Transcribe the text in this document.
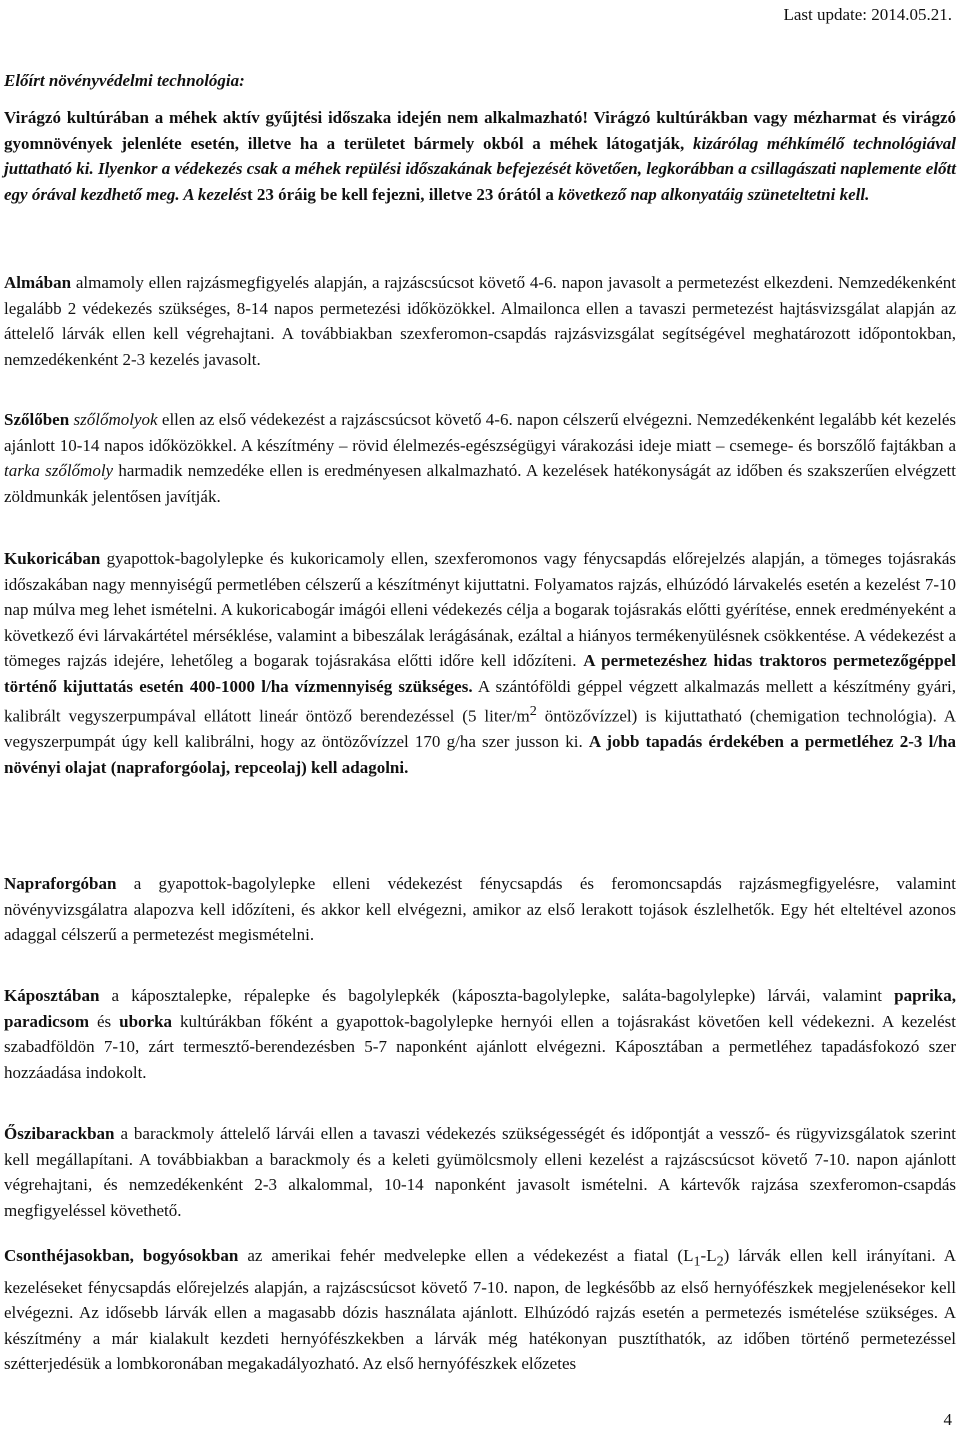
Last update: 2014.05.21.
Előírt növényvédelmi technológia:

Virágzó kultúrában a méhek aktív gyűjtési időszaka idején nem alkalmazható! Virágzó kultúrákban vagy mézharmat és virágzó gyomnövények jelenléte esetén, illetve ha a területet bármely okból a méhek látogatják, kizárólag méhkímélő technológiával juttatható ki. Ilyenkor a védekezés csak a méhek repülési időszakának befejezését követően, legkorábban a csillagászati naplemente előtt egy órával kezdhető meg. A kezelést 23 óráig be kell fejezni, illetve 23 órától a következő nap alkonyatáig szüneteltetni kell.

Almában almamoly ellen rajzásmegfigyelés alapján, a rajzáscsúcsot követő 4-6. napon javasolt a permetezést elkezdeni. Nemzedékenként legalább 2 védekezés szükséges, 8-14 napos permetezési időközökkel. Almailonca ellen a tavaszi permetezést hajtásvizsgálat alapján az áttelelő lárvák ellen kell végrehajtani. A továbbiakban szexferomon-csapdás rajzásvizsgálat segítségével meghatározott időpontokban, nemzedékenként 2-3 kezelés javasolt.

Szőlőben szőlőmolyok ellen az első védekezést a rajzáscsúcsot követő 4-6. napon célszerű elvégezni. Nemzedékenként legalább két kezelés ajánlott 10-14 napos időközökkel. A készítmény – rövid élelmezés-egészségügyi várakozási ideje miatt – csemege- és borszőlő fajtákban a tarka szőlőmoly harmadik nemzedéke ellen is eredményesen alkalmazható. A kezelések hatékonyságát az időben és szakszerűen elvégzett zöldmunkák jelentősen javítják.

Kukoricában gyapottok-bagolylepke és kukoricamoly ellen, szexferomonos vagy fénycsapdás előrejelzés alapján, a tömeges tojásrakás időszakában nagy mennyiségű permetlében célszerű a készítményt kijuttatni. Folyamatos rajzás, elhúzódó lárvakelés esetén a kezelést 7-10 nap múlva meg lehet ismételni. A kukoricabogár imágói elleni védekezés célja a bogarak tojásrakás előtti gyérítése, ennek eredményeként a következő évi lárvakártétel mérséklése, valamint a bibeszálak lerágásának, ezáltal a hiányos termékenyülésnek csökkentése. A védekezést a tömeges rajzás idejére, lehetőleg a bogarak tojásrakása előtti időre kell időzíteni. A permetezéshez hidas traktoros permetezőgéppel történő kijuttatás esetén 400-1000 l/ha vízmennyiség szükséges. A szántóföldi géppel végzett alkalmazás mellett a készítmény gyári, kalibrált vegyszerpumpával ellátott lineár öntöző berendezéssel (5 liter/$m^2$ öntözővízzel) is kijuttatható (chemigation technológia). A vegyszerpumpát úgy kell kalibrálni, hogy az öntözővízzel 170 g/ha szer jusson ki. A jobb tapadás érdekében a permetléhez 2-3 l/ha növényi olajat (napraforgóolaj, repceolaj) kell adagolni.

Napraforgóban a gyapottok-bagolylepke elleni védekezést fénycsapdás és feromoncsapdás rajzásmegfigyelésre, valamint növényvizsgálatra alapozva kell időzíteni, és akkor kell elvégezni, amikor az első lerakott tojások észlelhetők. Egy hét elteltével azonos adaggal célszerű a permetezést megismételni.

Káposztában a káposztalepke, répalepke és bagolylepkék (káposzta-bagolylepke, saláta-bagolylepke) lárvái, valamint paprika, paradicsom és uborka kultúrákban főként a gyapottok-bagolylepke hernyói ellen a tojásrakást követően kell védekezni. A kezelést szabadföldön 7-10, zárt termesztő-berendezésben 5-7 naponként ajánlott elvégezni. Káposztában a permetléhez tapadásfokozó szer hozzáadása indokolt.

Őszibarackban a barackmoly áttelelő lárvái ellen a tavaszi védekezés szükségességét és időpontját a vessző- és rügyvizsgálatok szerint kell megállapítani. A továbbiakban a barackmoly és a keleti gyümölcsmoly elleni kezelést a rajzáscsúcsot követő 7-10. napon ajánlott végrehajtani, és nemzedékenként 2-3 alkalommal, 10-14 naponként javasolt ismételni. A kártevők rajzása szexferomon-csapdás megfigyeléssel követhető.

Csonthéjasokban, bogyósokban az amerikai fehér medvelepke ellen a védekezést a fiatal $(L_1-L_2)$ lárvák ellen kell irányítani. A kezeléseket fénycsapdás előrejelzés alapján, a rajzáscsúcsot követő 7-10. napon, de legkésőbb az első hernyófészkek megjelenésekor kell elvégezni. Az idősebb lárvák ellen a magasabb dózis használata ajánlott. Elhúzódó rajzás esetén a permetezés ismételése szükséges. A készítmény a már kialakult kezdeti hernyófészkekben a lárvák még hatékonyan pusztíthatók, az időben történő permetezéssel szétterjedésük a lombkoronában megakadályozható. Az első hernyófészkek előzetes

4
